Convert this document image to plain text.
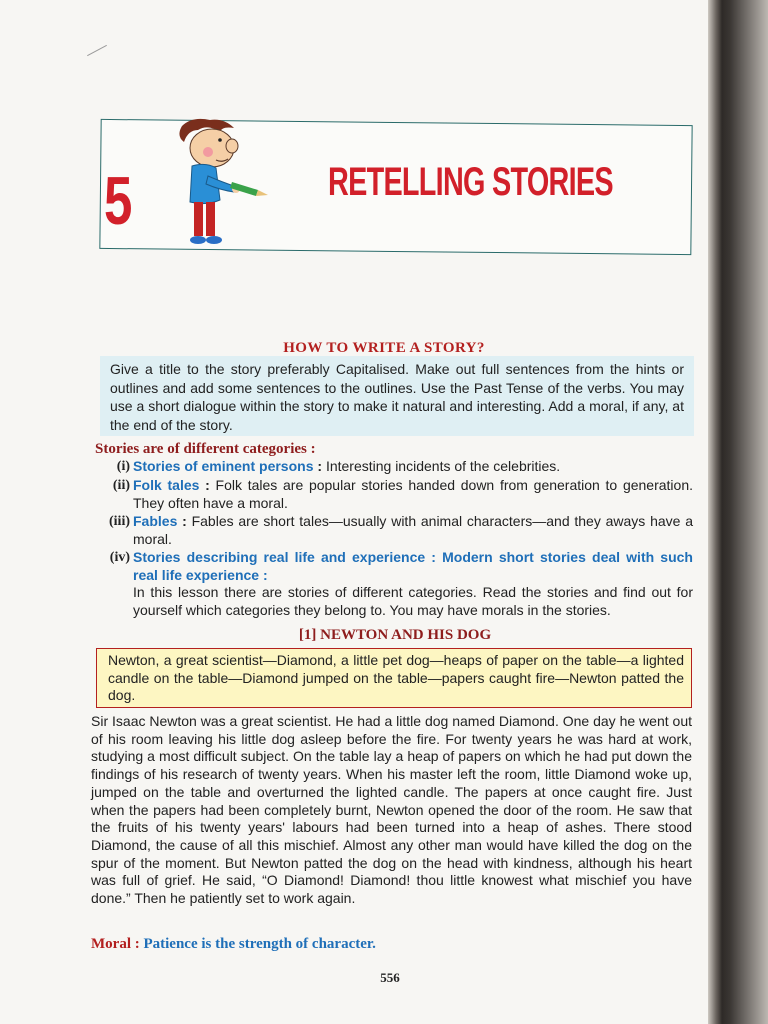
5	RETELLING STORIES
HOW TO WRITE A STORY?
Give a title to the story preferably Capitalised. Make out full sentences from the hints or outlines and add some sentences to the outlines. Use the Past Tense of the verbs. You may use a short dialogue within the story to make it natural and interesting. Add a moral, if any, at the end of the story.
Stories are of different categories :
(i) Stories of eminent persons : Interesting incidents of the celebrities.
(ii) Folk tales : Folk tales are popular stories handed down from generation to generation. They often have a moral.
(iii) Fables : Fables are short tales—usually with animal characters—and they aways have a moral.
(iv) Stories describing real life and experience : Modern short stories deal with such real life experience :
In this lesson there are stories of different categories. Read the stories and find out for yourself which categories they belong to. You may have morals in the stories.
[1] NEWTON AND HIS DOG
Newton, a great scientist—Diamond, a little pet dog—heaps of paper on the table—a lighted candle on the table—Diamond jumped on the table—papers caught fire—Newton patted the dog.
Sir Isaac Newton was a great scientist. He had a little dog named Diamond. One day he went out of his room leaving his little dog asleep before the fire. For twenty years he was hard at work, studying a most difficult subject. On the table lay a heap of papers on which he had put down the findings of his research of twenty years. When his master left the room, little Diamond woke up, jumped on the table and overturned the lighted candle. The papers at once caught fire. Just when the papers had been completely burnt, Newton opened the door of the room. He saw that the fruits of his twenty years' labours had been turned into a heap of ashes. There stood Diamond, the cause of all this mischief. Almost any other man would have killed the dog on the spur of the moment. But Newton patted the dog on the head with kindness, although his heart was full of grief. He said, “O Diamond! Diamond! thou little knowest what mischief you have done.” Then he patiently set to work again.
Moral : Patience is the strength of character.
556
